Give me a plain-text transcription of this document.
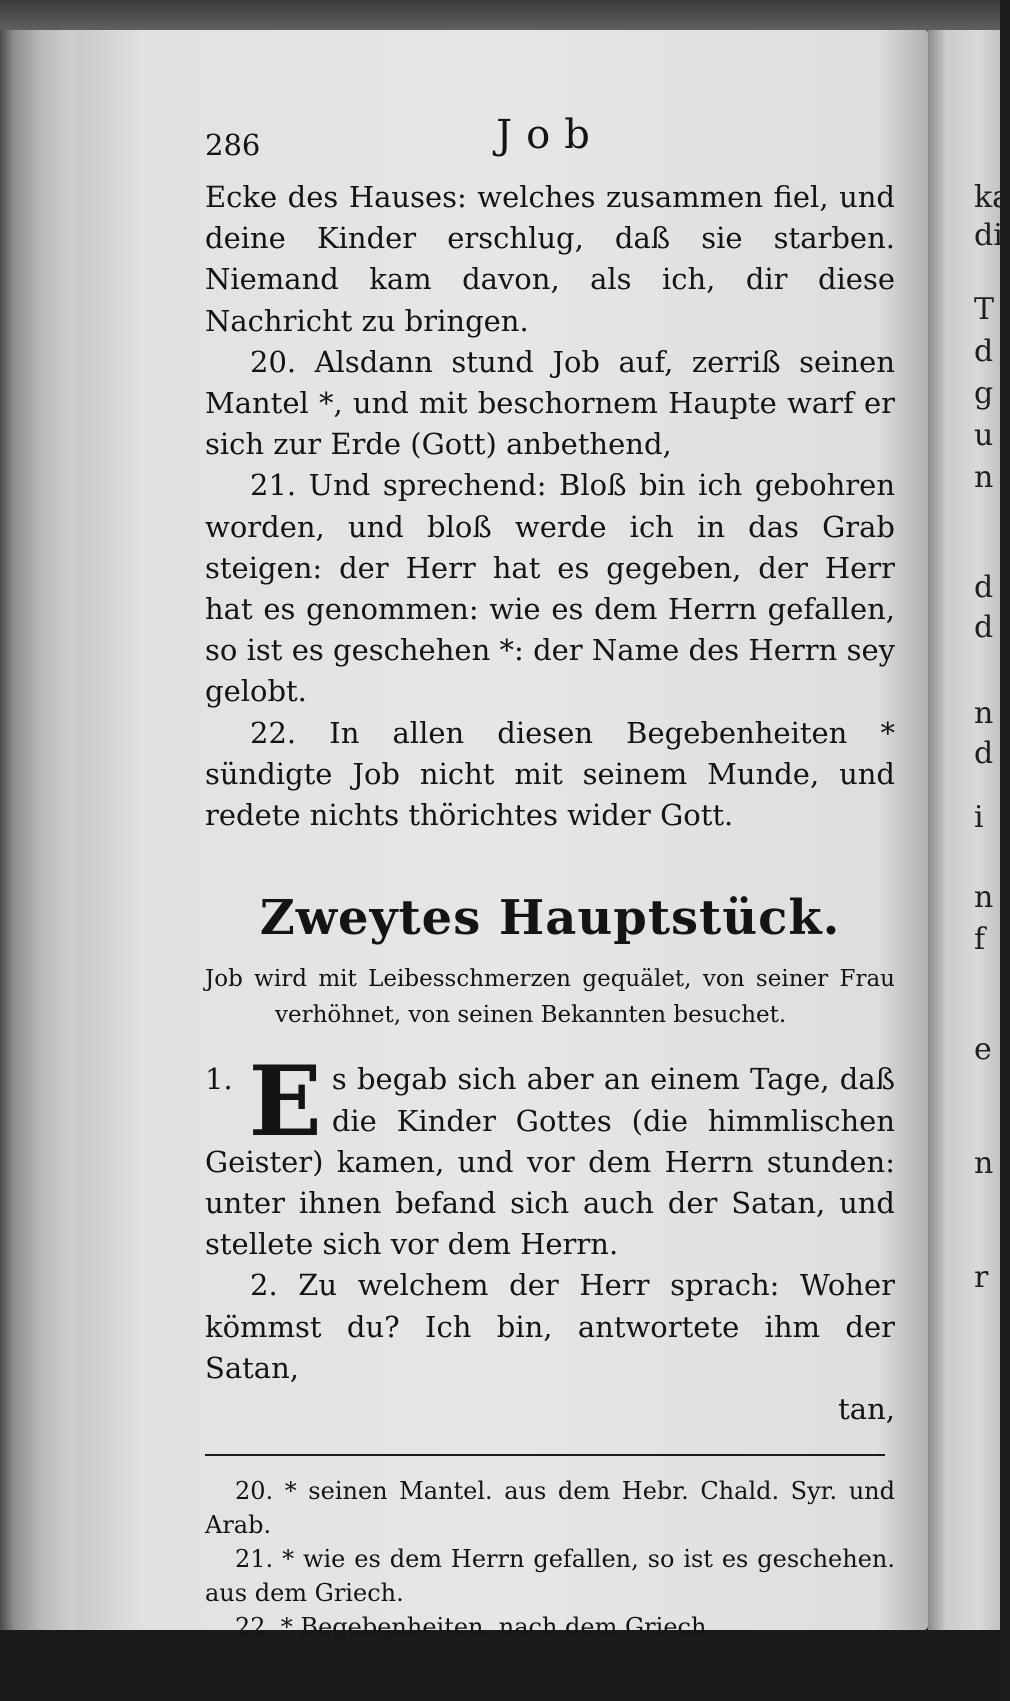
ka
di
T
d
g
u
n
d
d
n
d
i
n
f
e
n
r
286	Job

Ecke des Hauses: welches zusammen fiel, und deine Kinder erschlug, daß sie starben. Niemand kam davon, als ich, dir diese Nachricht zu bringen.

20. Alsdann stund Job auf, zerriß seinen Mantel *, und mit beschornem Haupte warf er sich zur Erde (Gott) anbethend,

21. Und sprechend: Bloß bin ich gebohren worden, und bloß werde ich in das Grab steigen: der Herr hat es gegeben, der Herr hat es genommen: wie es dem Herrn gefallen, so ist es geschehen *: der Name des Herrn sey gelobt.

22. In allen diesen Begebenheiten * sündigte Job nicht mit seinem Munde, und redete nichts thörichtes wider Gott.

Zweytes Hauptstück.

Job wird mit Leibesschmerzen gequälet, von seiner Frau verhöhnet, von seinen Bekannten besuchet.

1. E s begab sich aber an einem Tage, daß die Kinder Gottes (die himmlischen Geister) kamen, und vor dem Herrn stunden: unter ihnen befand sich auch der Satan, und stellete sich vor dem Herrn.

2. Zu welchem der Herr sprach: Woher kömmst du? Ich bin, antwortete ihm der Satan,

tan,

20. * seinen Mantel. aus dem Hebr. Chald. Syr. und Arab.

21. * wie es dem Herrn gefallen, so ist es geschehen. aus dem Griech.

22. * Begebenheiten. nach dem Griech.
